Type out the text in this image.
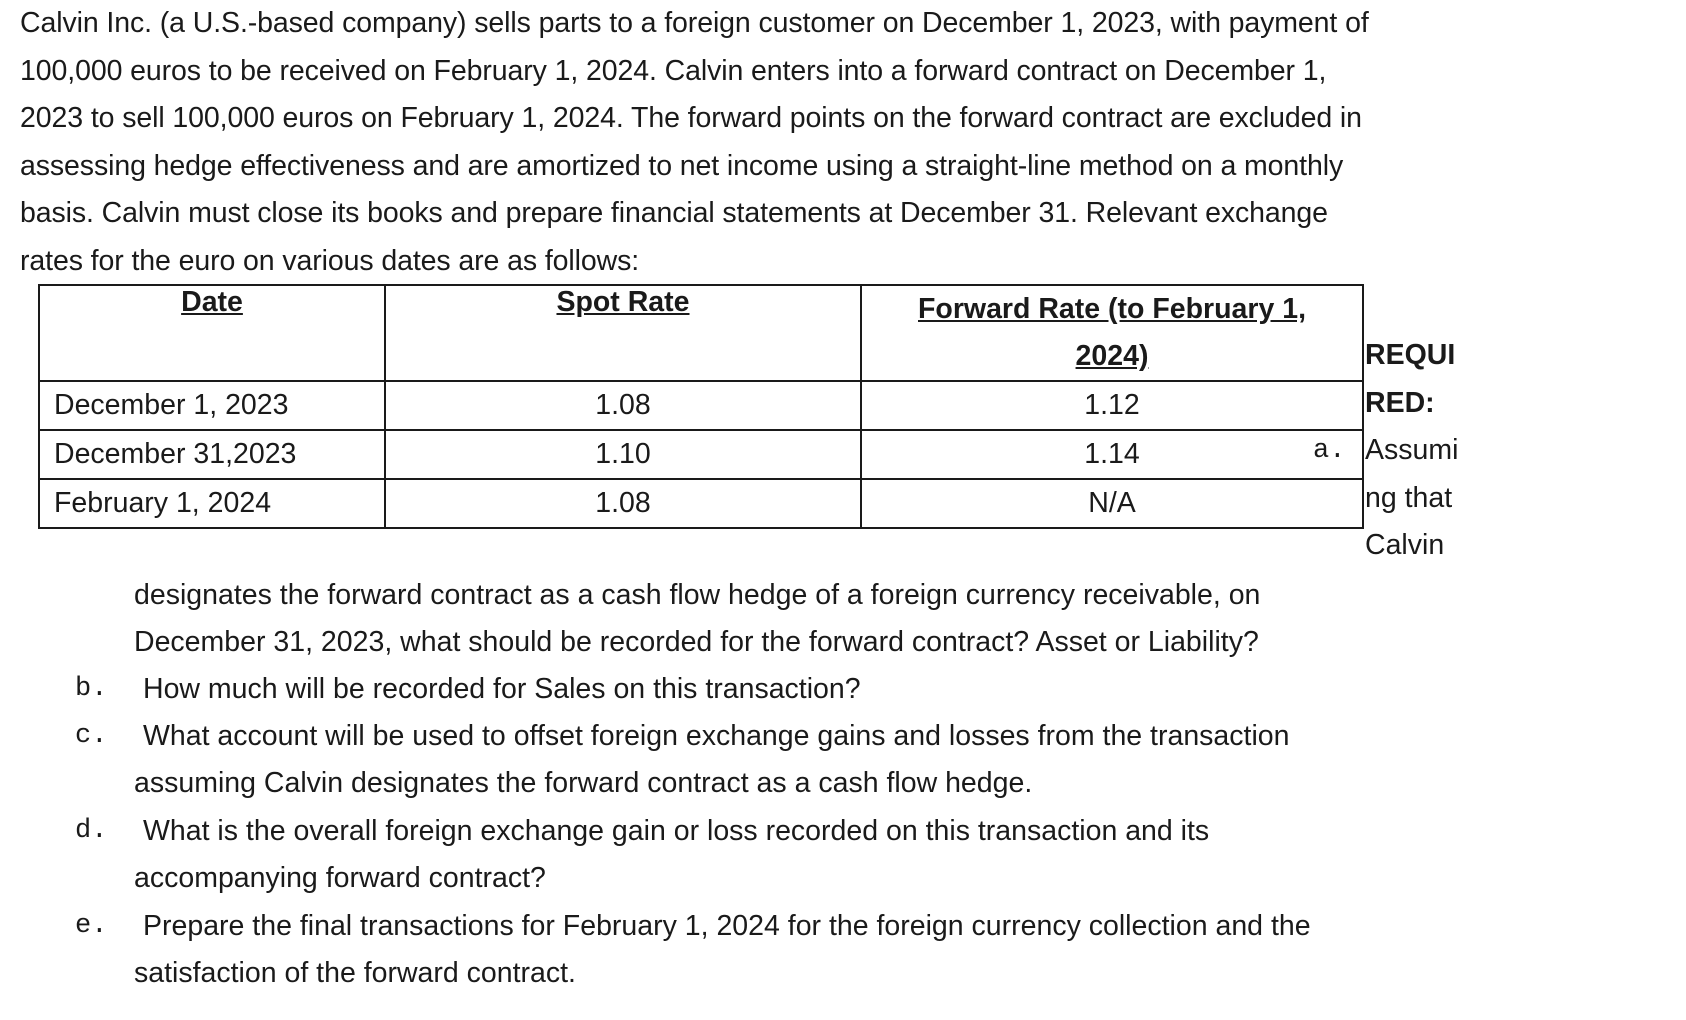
Calvin Inc. (a U.S.-based company) sells parts to a foreign customer on December 1, 2023, with payment of
100,000 euros to be received on February 1, 2024. Calvin enters into a forward contract on December 1,
2023 to sell 100,000 euros on February 1, 2024. The forward points on the forward contract are excluded in
assessing hedge effectiveness and are amortized to net income using a straight-line method on a monthly
basis. Calvin must close its books and prepare financial statements at December 31. Relevant exchange
rates for the euro on various dates are as follows:
Date	Spot Rate	Forward Rate (to February 1,
2024)
December 1, 2023	1.08	1.12
December 31,2023	1.10	1.14
February 1, 2024	1.08	N/A
REQUI
RED:
Assumi
ng that
Calvin
a.
designates the forward contract as a cash flow hedge of a foreign currency receivable, on
December 31, 2023, what should be recorded for the forward contract? Asset or Liability?
b. How much will be recorded for Sales on this transaction?
c. What account will be used to offset foreign exchange gains and losses from the transaction
assuming Calvin designates the forward contract as a cash flow hedge.
d. What is the overall foreign exchange gain or loss recorded on this transaction and its
accompanying forward contract?
e. Prepare the final transactions for February 1, 2024 for the foreign currency collection and the
satisfaction of the forward contract.
